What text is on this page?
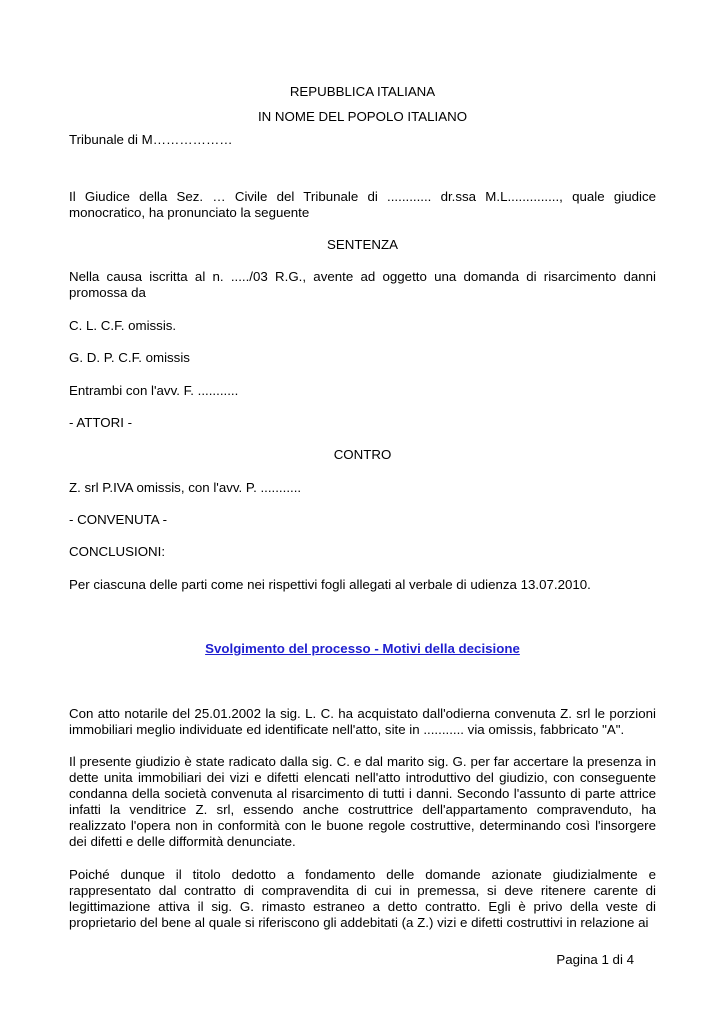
REPUBBLICA ITALIANA

IN NOME DEL POPOLO ITALIANO

Tribunale di M………………

Il Giudice della Sez. … Civile del Tribunale di ............ dr.ssa M.L.............., quale giudice monocratico, ha pronunciato la seguente

SENTENZA

Nella causa iscritta al n. ...../03 R.G., avente ad oggetto una domanda di risarcimento danni promossa da

C. L. C.F. omissis.

G. D. P. C.F. omissis

Entrambi con l'avv. F. ...........

- ATTORI -

CONTRO

Z. srl P.IVA omissis, con l'avv. P. ...........

- CONVENUTA -

CONCLUSIONI:

Per ciascuna delle parti come nei rispettivi fogli allegati al verbale di udienza 13.07.2010.

Svolgimento del processo - Motivi della decisione

Con atto notarile del 25.01.2002 la sig. L. C. ha acquistato dall'odierna convenuta Z. srl le porzioni immobiliari meglio individuate ed identificate nell'atto, site in ........... via omissis, fabbricato "A".

Il presente giudizio è state radicato dalla sig. C. e dal marito sig. G. per far accertare la presenza in dette unita immobiliari dei vizi e difetti elencati nell'atto introduttivo del giudizio, con conseguente condanna della società convenuta al risarcimento di tutti i danni. Secondo l'assunto di parte attrice infatti la venditrice Z. srl, essendo anche costruttrice dell'appartamento compravenduto, ha realizzato l'opera non in conformità con le buone regole costruttive, determinando così l'insorgere dei difetti e delle difformità denunciate.

Poiché dunque il titolo dedotto a fondamento delle domande azionate giudizialmente e rappresentato dal contratto di compravendita di cui in premessa, si deve ritenere carente di legittimazione attiva il sig. G. rimasto estraneo a detto contratto. Egli è privo della veste di proprietario del bene al quale si riferiscono gli addebitati (a Z.) vizi e difetti costruttivi in relazione ai

Pagina 1 di 4
